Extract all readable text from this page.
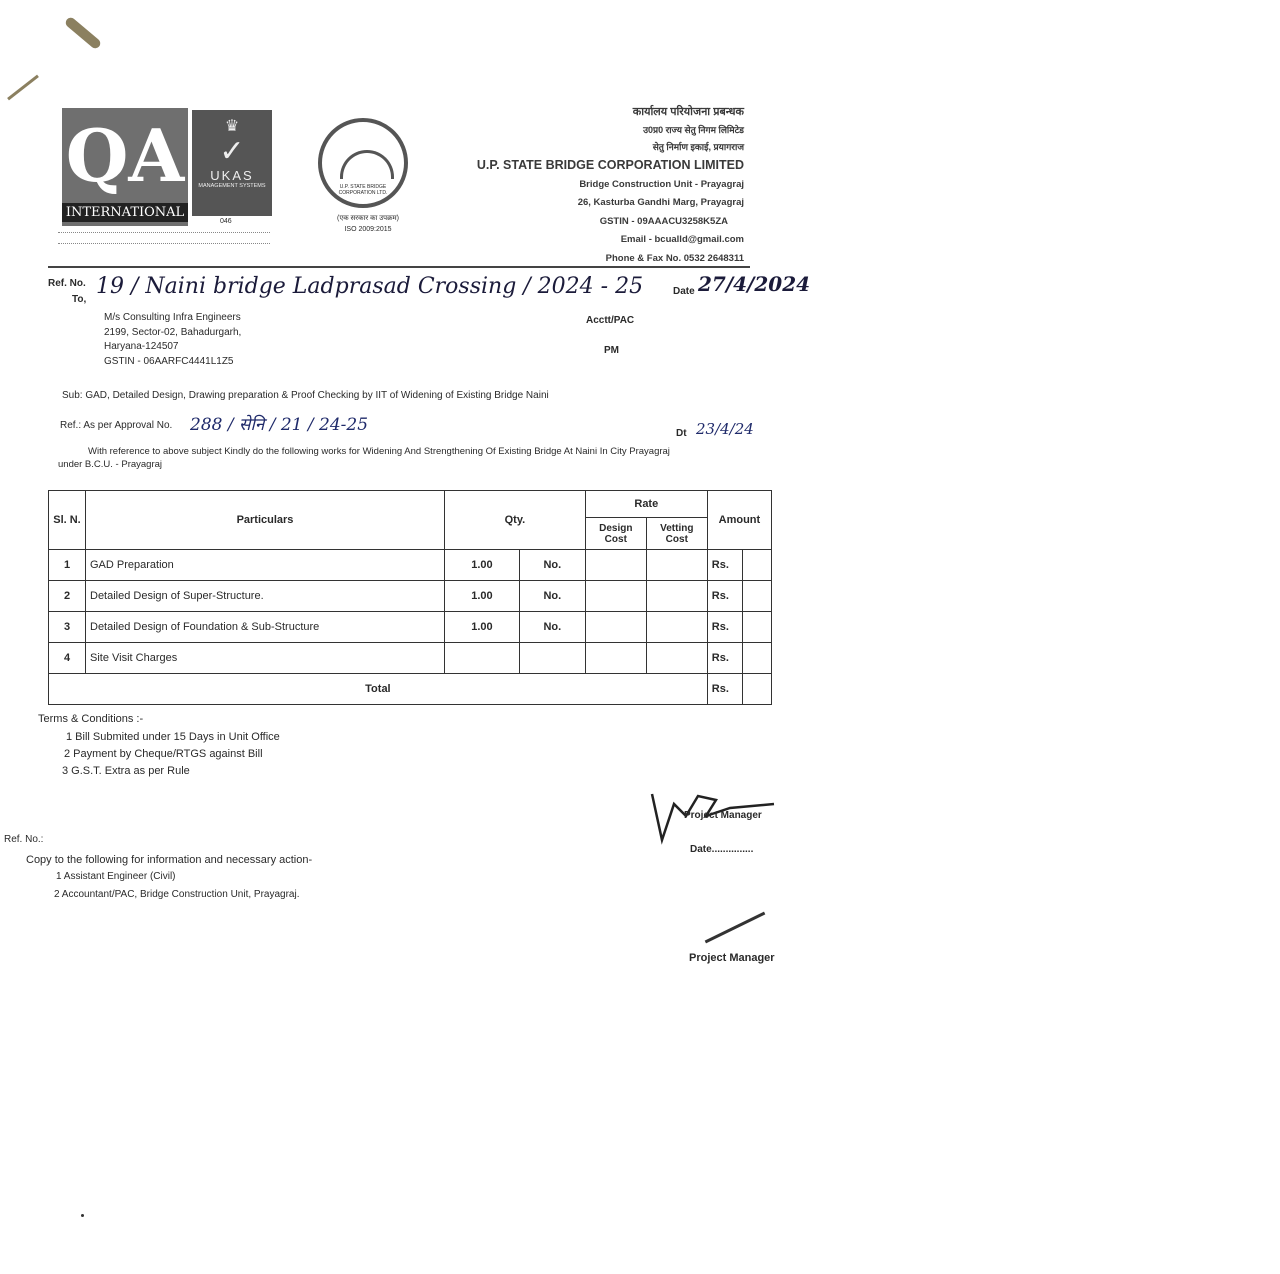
QA
INTERNATIONAL
♛
✓
UKAS
MANAGEMENT SYSTEMS
046
U.P. STATE BRIDGE CORPORATION LTD.
(एक सरकार का उपक्रम)
ISO 2009:2015
कार्यालय परियोजना प्रबन्धक
उ0प्र0 राज्य सेतु निगम लिमिटेड
सेतु निर्माण इकाई, प्रयागराज
U.P. STATE BRIDGE CORPORATION LIMITED
Bridge Construction Unit - Prayagraj
26, Kasturba Gandhi Marg, Prayagraj
GSTIN - 09AAACU3258K5ZA
Email - bcualld@gmail.com
Phone & Fax No. 0532 2648311
Ref. No. 19 / Naini bridge Ladprasad Crossing / 2024 - 25	Date 27/4/2024
To,
M/s Consulting Infra Engineers
2199, Sector-02, Bahadurgarh,
Haryana-124507
GSTIN - 06AARFC4441L1Z5
Acctt/PAC
PM
Sub: GAD, Detailed Design, Drawing preparation & Proof Checking by IIT of Widening of Existing Bridge Naini
Ref.: As per Approval No. 288 / सेनि / 21 / 24-25	Dt 23/4/24
With reference to above subject Kindly do the following works for Widening And Strengthening Of Existing Bridge At Naini In City Prayagraj
under B.C.U. - Prayagraj
Sl. N.	Particulars	Qty.		Rate		Amount	
				Design Cost	Vetting Cost		
1	GAD Preparation	1.00	No.			Rs.	
2	Detailed Design of Super-Structure.	1.00	No.			Rs.	
3	Detailed Design of Foundation & Sub-Structure	1.00	No.			Rs.	
4	Site Visit Charges					Rs.	
Total						Rs.	
Terms & Conditions :-
1 Bill Submited under 15 Days in Unit Office
2 Payment by Cheque/RTGS against Bill
3 G.S.T. Extra as per Rule
Project Manager
Date...............
Ref. No.:
Copy to the following for information and necessary action-
1 Assistant Engineer (Civil)
2 Accountant/PAC, Bridge Construction Unit, Prayagraj.
Project Manager
